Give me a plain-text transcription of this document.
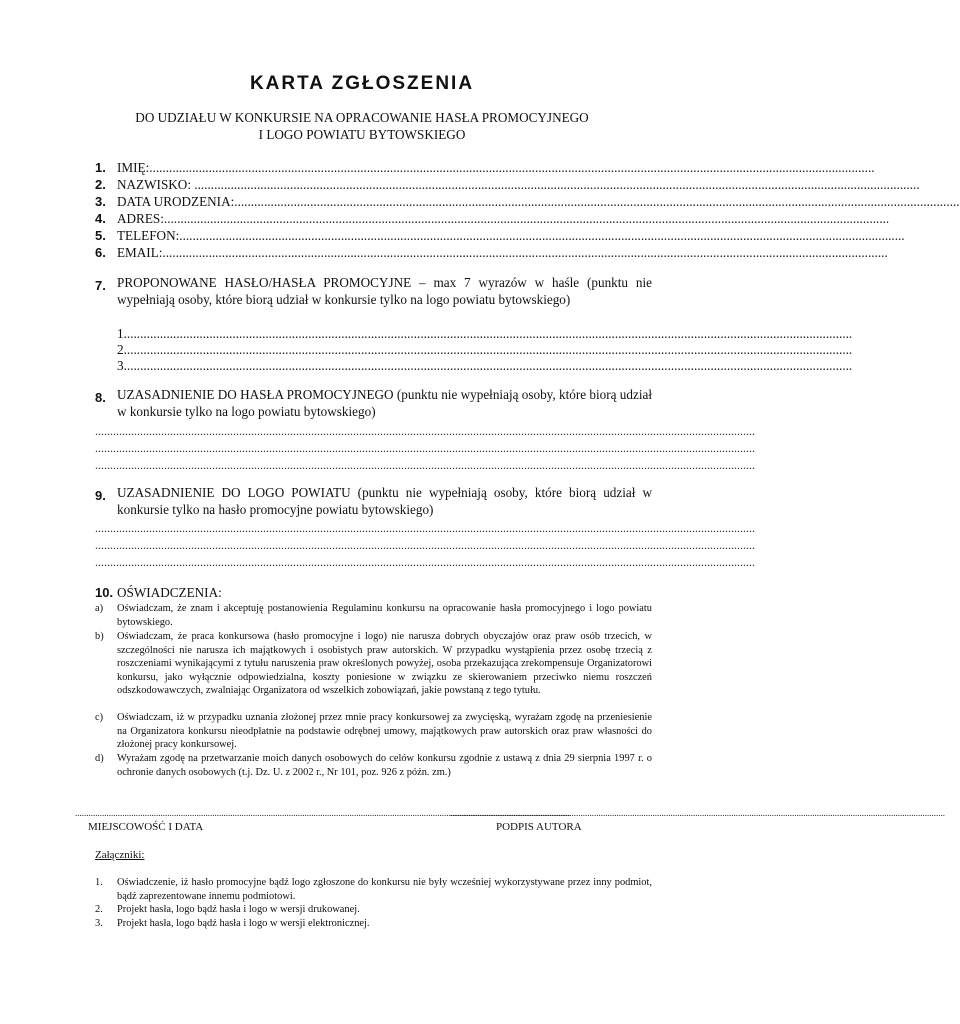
KARTA ZGŁOSZENIA
DO UDZIAŁU W KONKURSIE NA OPRACOWANIE HASŁA PROMOCYJNEGO
I LOGO POWIATU BYTOWSKIEGO
1. IMIĘ:............................................................................................................................................................................................................................
2. NAZWISKO: ............................................................................................................................................................................................................................
3. DATA URODZENIA:............................................................................................................................................................................................................................
4. ADRES:............................................................................................................................................................................................................................
5. TELEFON:............................................................................................................................................................................................................................
6. EMAIL:............................................................................................................................................................................................................................
7. PROPONOWANE HASŁO/HASŁA PROMOCYJNE – max 7 wyrazów w haśle (punktu nie wypełniają osoby, które biorą udział w konkursie tylko na logo powiatu bytowskiego)
1.............................................................................................................................................................................................................................
2.............................................................................................................................................................................................................................
3.............................................................................................................................................................................................................................
8. UZASADNIENIE DO HASŁA PROMOCYJNEGO (punktu nie wypełniają osoby, które biorą udział w konkursie tylko na logo powiatu bytowskiego)
............................................................................................................................................................................................................................
............................................................................................................................................................................................................................
............................................................................................................................................................................................................................
9. UZASADNIENIE DO LOGO POWIATU (punktu nie wypełniają osoby, które biorą udział w konkursie tylko na hasło promocyjne powiatu bytowskiego)
............................................................................................................................................................................................................................
............................................................................................................................................................................................................................
............................................................................................................................................................................................................................
10. OŚWIADCZENIA:
a) Oświadczam, że znam i akceptuję postanowienia Regulaminu konkursu na opracowanie hasła promocyjnego i logo powiatu bytowskiego.
b) Oświadczam, że praca konkursowa (hasło promocyjne i logo) nie narusza dobrych obyczajów oraz praw osób trzecich, w szczególności nie narusza ich majątkowych i osobistych praw autorskich. W przypadku wystąpienia przez osobę trzecią z roszczeniami wynikającymi z tytułu naruszenia praw określonych powyżej, osoba przekazująca zrekompensuje Organizatorowi konkursu, jako wyłącznie odpowiedzialna, koszty poniesione w związku ze skierowaniem przeciwko niemu roszczeń odszkodowawczych, zwalniając Organizatora od wszelkich zobowiązań, jakie powstaną z tego tytułu.
c) Oświadczam, iż w przypadku uznania złożonej przez mnie pracy konkursowej za zwycięską, wyrażam zgodę na przeniesienie na Organizatora konkursu nieodpłatnie na podstawie odrębnej umowy, majątkowych praw autorskich oraz praw własności do złożonej pracy konkursowej.
d) Wyrażam zgodę na przetwarzanie moich danych osobowych do celów konkursu zgodnie z ustawą z dnia 29 sierpnia 1997 r. o ochronie danych osobowych (t.j. Dz. U. z 2002 r., Nr 101, poz. 926 z późn. zm.)
............................................................................................................................................................................................................................
MIEJSCOWOŚĆ I DATA
............................................................................................................................................................................................................................
PODPIS AUTORA
Załączniki:
1. Oświadczenie, iż hasło promocyjne bądź logo zgłoszone do konkursu nie były wcześniej wykorzystywane przez inny podmiot, bądź zaprezentowane innemu podmiotowi.
2. Projekt hasła, logo bądź hasła i logo w wersji drukowanej.
3. Projekt hasła, logo bądź hasła i logo w wersji elektronicznej.
